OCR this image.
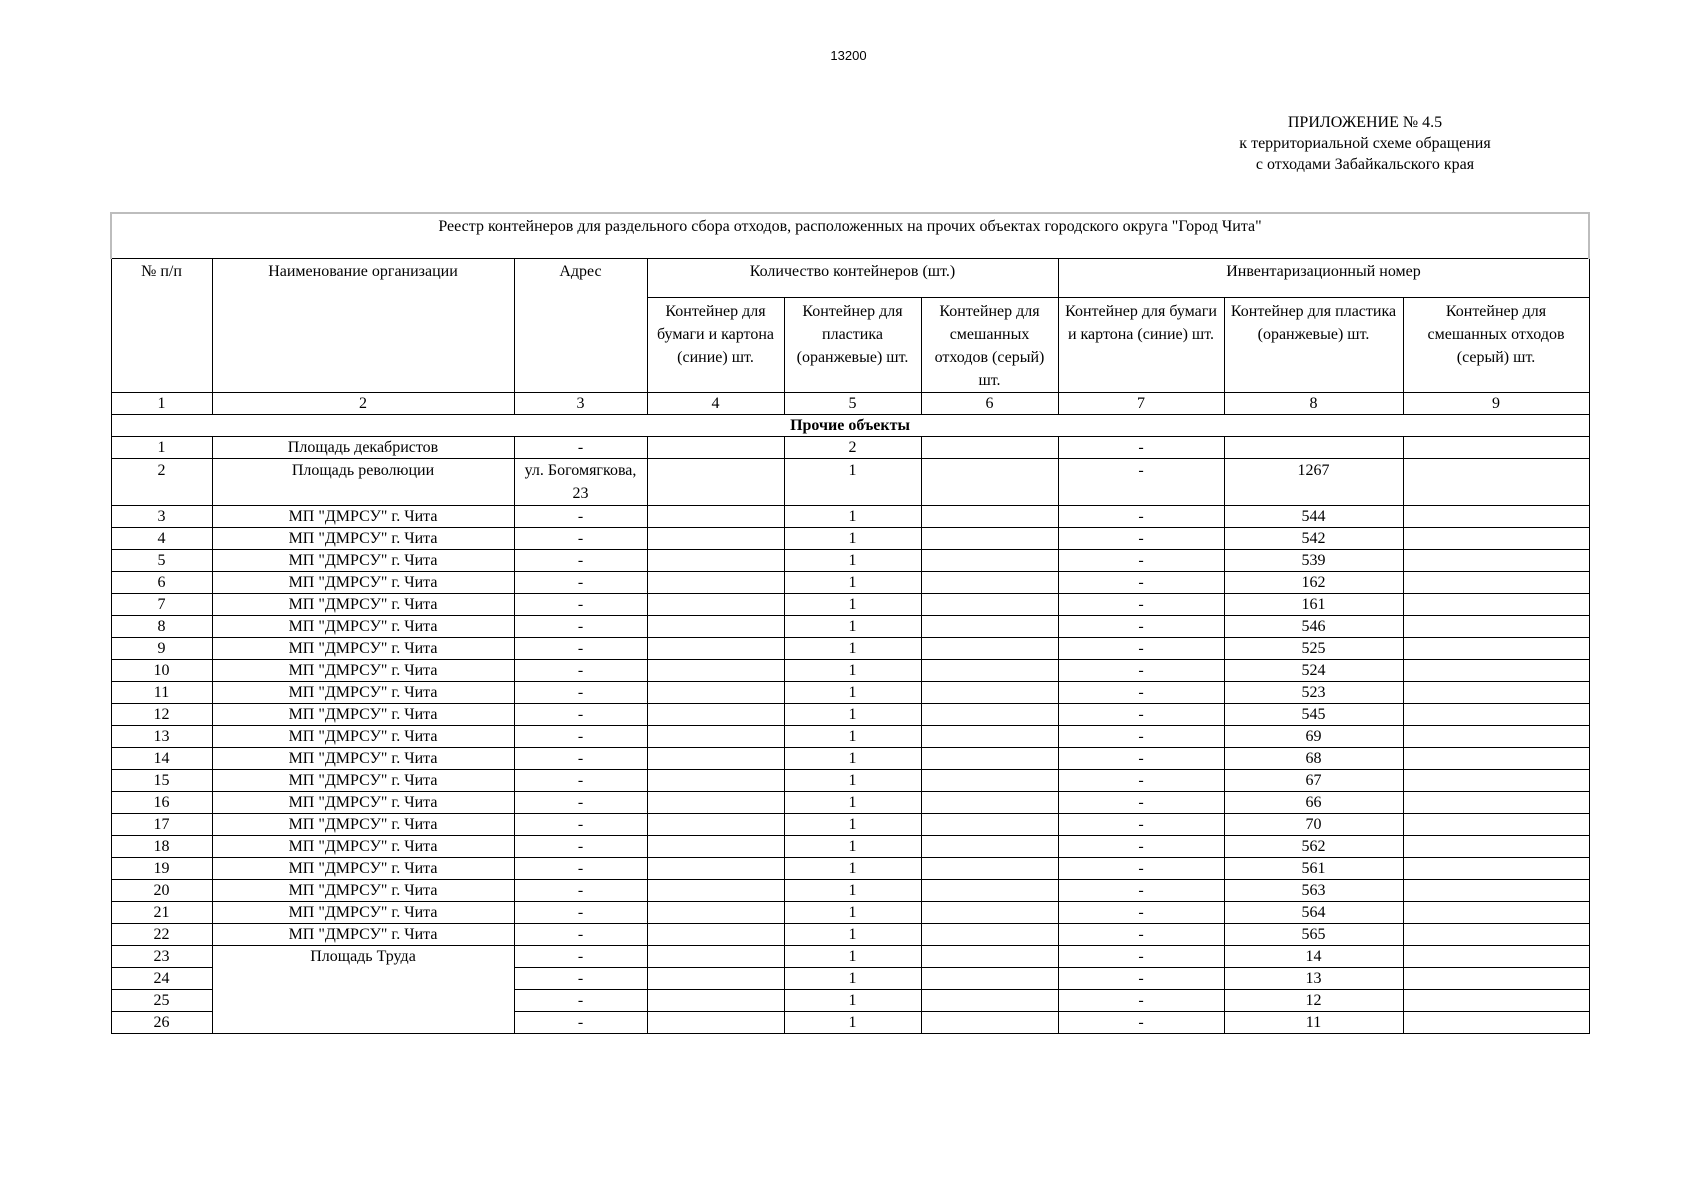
13200
ПРИЛОЖЕНИЕ № 4.5
к территориальной схеме обращения
с отходами Забайкальского края
Реестр контейнеров для раздельного сбора отходов, расположенных на прочих объектах городского округа "Город Чита"								
№ п/п	Наименование организации	Адрес	Количество контейнеров (шт.)			Инвентаризационный номер		
			Контейнер для бумаги и картона (синие) шт.	Контейнер для пластика (оранжевые) шт.	Контейнер для смешанных отходов (серый) шт.	Контейнер для бумаги и картона (синие) шт.	Контейнер для пластика (оранжевые) шт.	Контейнер для смешанных отходов (серый) шт.
1	2	3	4	5	6	7	8	9
Прочие объекты								
1	Площадь декабристов	-		2		-		
2	Площадь революции	ул. Богомягкова, 23		1		-	1267	
3	МП "ДМРСУ" г. Чита	-		1		-	544	
4	МП "ДМРСУ" г. Чита	-		1		-	542	
5	МП "ДМРСУ" г. Чита	-		1		-	539	
6	МП "ДМРСУ" г. Чита	-		1		-	162	
7	МП "ДМРСУ" г. Чита	-		1		-	161	
8	МП "ДМРСУ" г. Чита	-		1		-	546	
9	МП "ДМРСУ" г. Чита	-		1		-	525	
10	МП "ДМРСУ" г. Чита	-		1		-	524	
11	МП "ДМРСУ" г. Чита	-		1		-	523	
12	МП "ДМРСУ" г. Чита	-		1		-	545	
13	МП "ДМРСУ" г. Чита	-		1		-	69	
14	МП "ДМРСУ" г. Чита	-		1		-	68	
15	МП "ДМРСУ" г. Чита	-		1		-	67	
16	МП "ДМРСУ" г. Чита	-		1		-	66	
17	МП "ДМРСУ" г. Чита	-		1		-	70	
18	МП "ДМРСУ" г. Чита	-		1		-	562	
19	МП "ДМРСУ" г. Чита	-		1		-	561	
20	МП "ДМРСУ" г. Чита	-		1		-	563	
21	МП "ДМРСУ" г. Чита	-		1		-	564	
22	МП "ДМРСУ" г. Чита	-		1		-	565	
23	Площадь Труда	-		1		-	14	
24		-		1		-	13	
25		-		1		-	12	
26		-		1		-	11	
